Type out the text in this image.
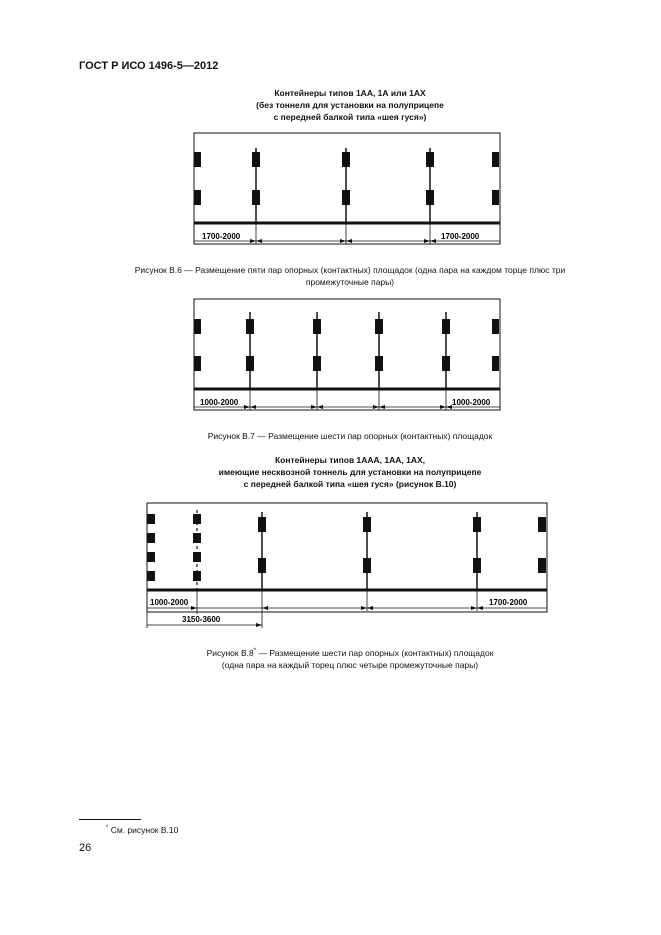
ГОСТ Р ИСО 1496-5—2012
Контейнеры типов 1АА, 1А или 1АХ
(без тоннеля для установки на полуприцепе
с передней балкой типа «шея гуся»)
1700-2000	1700-2000
Рисунок В.6 — Размещение пяти пар опорных (контактных) площадок (одна пара на каждом торце плюс три
промежуточные пары)
1000-2000	1000-2000
Рисунок В.7 — Размещение шести пар опорных (контактных) площадок
Контейнеры типов 1ААА, 1АА, 1АХ,
имеющие несквозной тоннель для установки на полуприцепе
с передней балкой типа «шея гуся» (рисунок В.10)
1000-2000	1700-2000
3150-3600
Рисунок В.8* — Размещение шести пар опорных (контактных) площадок
(одна пара на каждый торец плюс четыре промежуточные пары)
* См. рисунок В.10
26
